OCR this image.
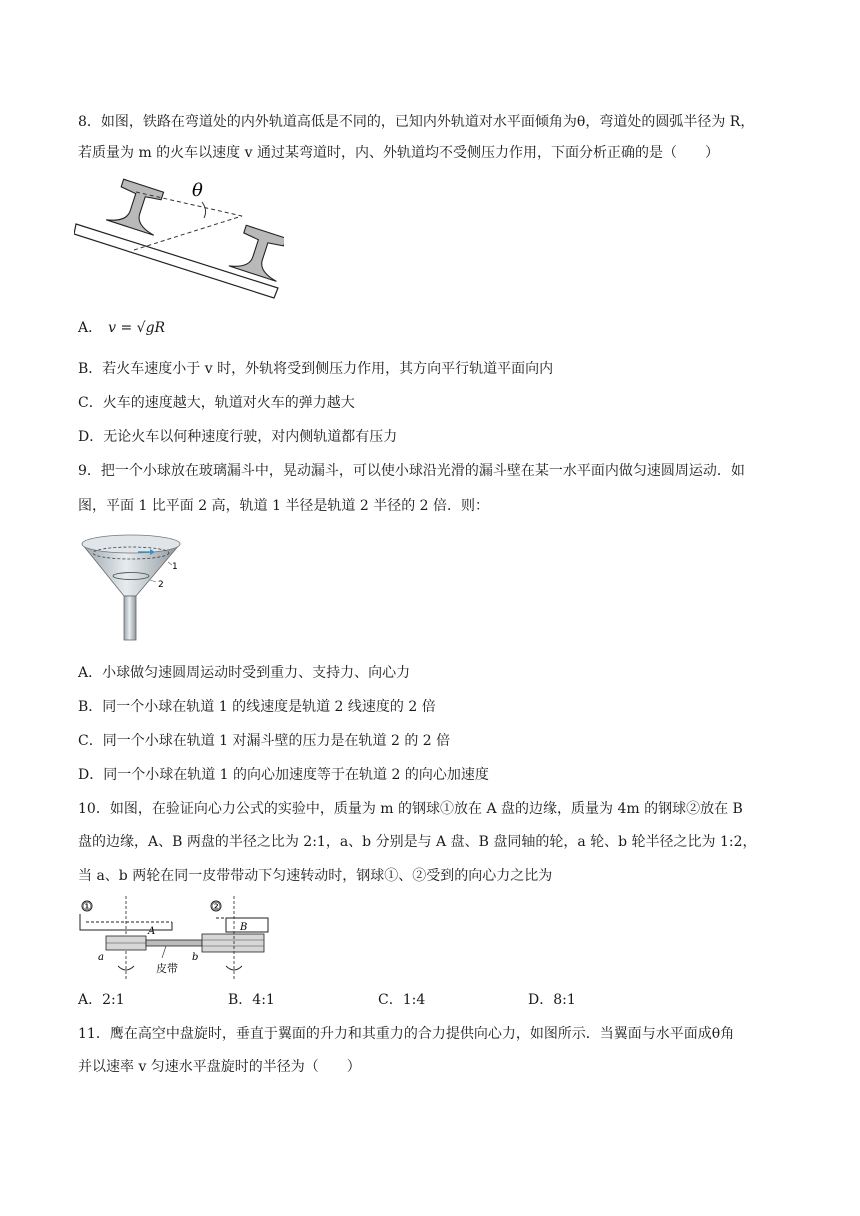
8．如图，铁路在弯道处的内外轨道高低是不同的，已知内外轨道对水平面倾角为θ，弯道处的圆弧半径为 R，
若质量为 m 的火车以速度 v 通过某弯道时，内、外轨道均不受侧压力作用，下面分析正确的是（　　）
θ
A． v = √gR
B．若火车速度小于 v 时，外轨将受到侧压力作用，其方向平行轨道平面向内
C．火车的速度越大，轨道对火车的弹力越大
D．无论火车以何种速度行驶，对内侧轨道都有压力
9．把一个小球放在玻璃漏斗中，晃动漏斗，可以使小球沿光滑的漏斗壁在某一水平面内做匀速圆周运动．如
图，平面 1 比平面 2 高，轨道 1 半径是轨道 2 半径的 2 倍．则：
1
2
A．小球做匀速圆周运动时受到重力、支持力、向心力
B．同一个小球在轨道 1 的线速度是轨道 2 线速度的 2 倍
C．同一个小球在轨道 1 对漏斗壁的压力是在轨道 2 的 2 倍
D．同一个小球在轨道 1 的向心加速度等于在轨道 2 的向心加速度
10．如图，在验证向心力公式的实验中，质量为 m 的钢球①放在 A 盘的边缘，质量为 4m 的钢球②放在 B
盘的边缘，A、B 两盘的半径之比为 2:1，a、b 分别是与 A 盘、B 盘同轴的轮，a 轮、b 轮半径之比为 1:2，
当 a、b 两轮在同一皮带带动下匀速转动时，钢球①、②受到的向心力之比为
①
A
②
B
a	b
皮带
A．2:1	B．4:1	C．1:4	D．8:1
11．鹰在高空中盘旋时，垂直于翼面的升力和其重力的合力提供向心力，如图所示．当翼面与水平面成θ角
并以速率 v 匀速水平盘旋时的半径为（　　）
